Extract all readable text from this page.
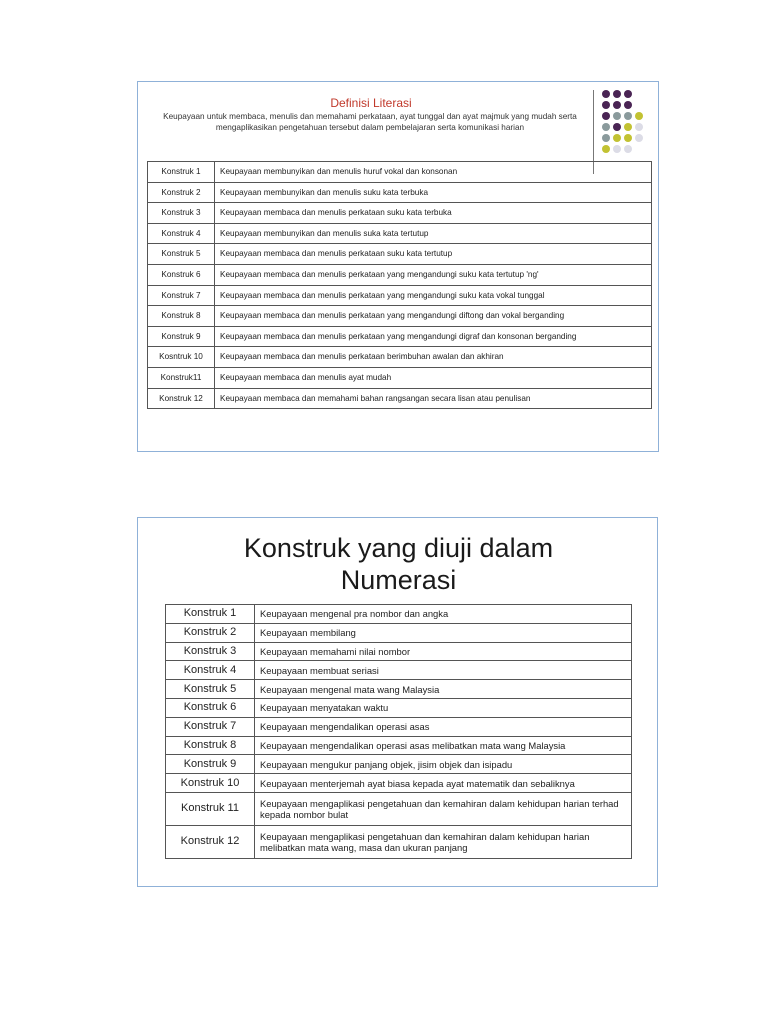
Definisi Literasi
Keupayaan untuk membaca, menulis dan memahami perkataan, ayat tunggal dan ayat majmuk yang mudah serta mengaplikasikan pengetahuan tersebut dalam pembelajaran serta komunikasi harian
Konstruk 1	Keupayaan membunyikan dan menulis huruf vokal dan konsonan
Konstruk 2	Keupayaan membunyikan dan menulis suku kata terbuka
Konstruk 3	Keupayaan membaca dan menulis perkataan suku kata terbuka
Konstruk 4	Keupayaan membunyikan dan menulis suka kata tertutup
Konstruk 5	Keupayaan membaca dan menulis perkataan suku kata tertutup
Konstruk 6	Keupayaan membaca dan menulis perkataan yang mengandungi suku kata tertutup 'ng'
Konstruk 7	Keupayaan membaca dan menulis perkataan yang mengandungi suku kata vokal tunggal
Konstruk 8	Keupayaan membaca dan menulis perkataan yang mengandungi diftong dan vokal berganding
Konstruk 9	Keupayaan membaca dan menulis perkataan yang mengandungi digraf dan konsonan berganding
Kosntruk 10	Keupayaan membaca dan menulis perkataan berimbuhan awalan dan akhiran
Konstruk11	Keupayaan membaca dan menulis ayat mudah
Konstruk 12	Keupayaan membaca dan memahami bahan rangsangan secara lisan atau penulisan
Konstruk yang diuji dalam
Numerasi
Konstruk 1	Keupayaan mengenal pra nombor dan angka
Konstruk 2	Keupayaan membilang
Konstruk 3	Keupayaan memahami nilai nombor
Konstruk 4	Keupayaan membuat seriasi
Konstruk 5	Keupayaan mengenal mata wang Malaysia
Konstruk 6	Keupayaan menyatakan waktu
Konstruk 7	Keupayaan mengendalikan operasi asas
Konstruk 8	Keupayaan mengendalikan operasi asas melibatkan mata wang Malaysia
Konstruk 9	Keupayaan mengukur panjang objek, jisim objek dan isipadu
Konstruk 10	Keupayaan menterjemah ayat biasa kepada ayat matematik dan sebaliknya
Konstruk 11	Keupayaan mengaplikasi pengetahuan dan kemahiran dalam kehidupan harian terhad kepada nombor bulat
Konstruk 12	Keupayaan mengaplikasi pengetahuan dan kemahiran dalam kehidupan harian melibatkan mata wang, masa dan ukuran panjang
